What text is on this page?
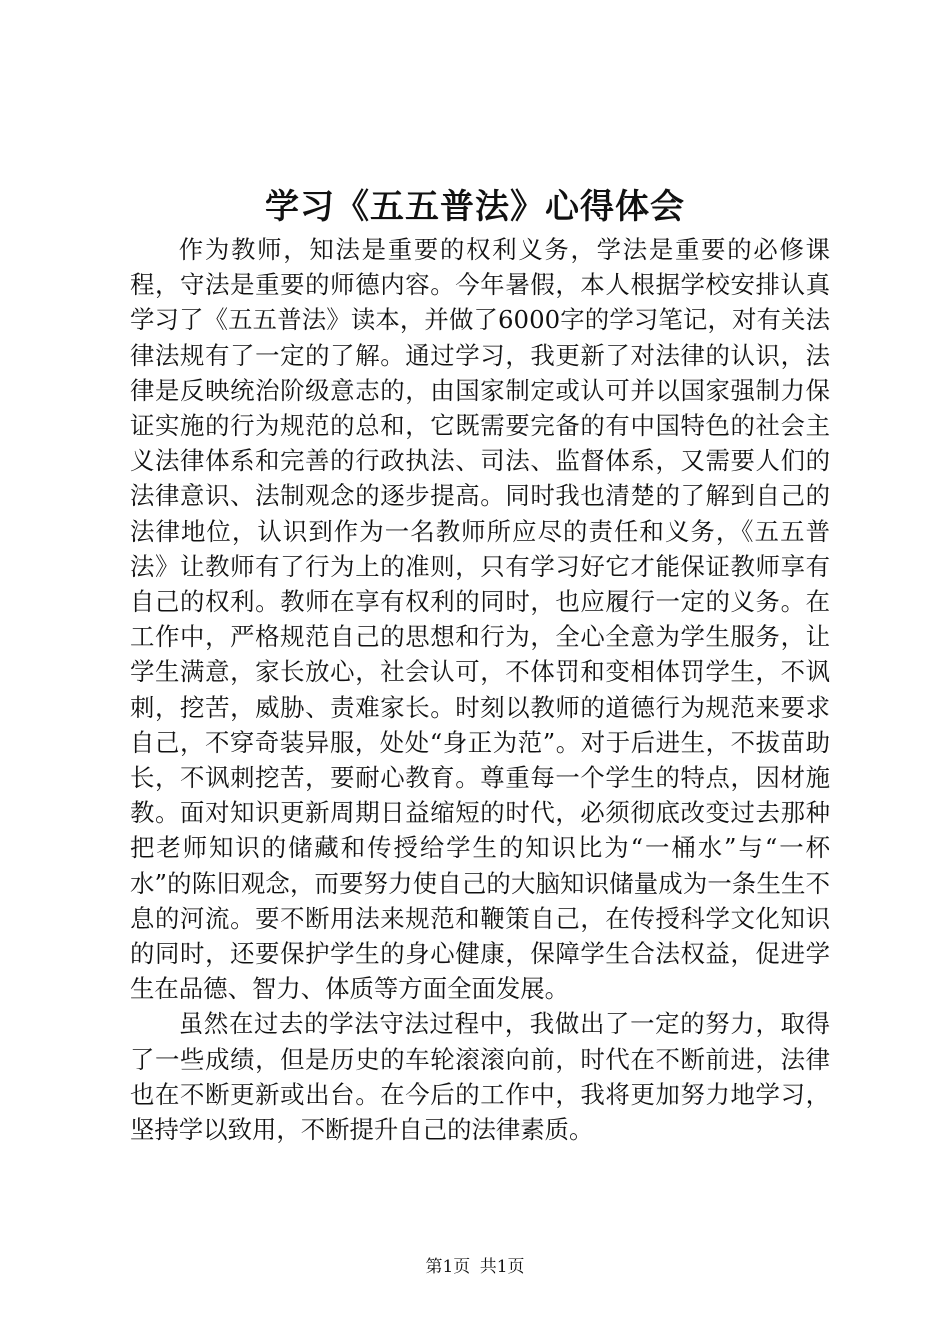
学习《五五普法》心得体会

作为教师，知法是重要的权利义务，学法是重要的必修课程，守法是重要的师德内容。今年暑假，本人根据学校安排认真学习了《五五普法》读本，并做了6000字的学习笔记，对有关法律法规有了一定的了解。通过学习，我更新了对法律的认识，法律是反映统治阶级意志的，由国家制定或认可并以国家强制力保证实施的行为规范的总和，它既需要完备的有中国特色的社会主义法律体系和完善的行政执法、司法、监督体系，又需要人们的法律意识、法制观念的逐步提高。同时我也清楚的了解到自己的法律地位，认识到作为一名教师所应尽的责任和义务，《五五普法》让教师有了行为上的准则，只有学习好它才能保证教师享有自己的权利。教师在享有权利的同时，也应履行一定的义务。在工作中，严格规范自己的思想和行为，全心全意为学生服务，让学生满意，家长放心，社会认可，不体罚和变相体罚学生，不讽刺，挖苦，威胁、责难家长。时刻以教师的道德行为规范来要求自己，不穿奇装异服，处处“身正为范”。对于后进生，不拔苗助长，不讽刺挖苦，要耐心教育。尊重每一个学生的特点，因材施教。面对知识更新周期日益缩短的时代，必须彻底改变过去那种把老师知识的储藏和传授给学生的知识比为“一桶水”与“一杯水”的陈旧观念，而要努力使自己的大脑知识储量成为一条生生不息的河流。要不断用法来规范和鞭策自己，在传授科学文化知识的同时，还要保护学生的身心健康，保障学生合法权益，促进学生在品德、智力、体质等方面全面发展。

虽然在过去的学法守法过程中，我做出了一定的努力，取得了一些成绩，但是历史的车轮滚滚向前，时代在不断前进，法律也在不断更新或出台。在今后的工作中，我将更加努力地学习，坚持学以致用，不断提升自己的法律素质。

第1页 共1页
